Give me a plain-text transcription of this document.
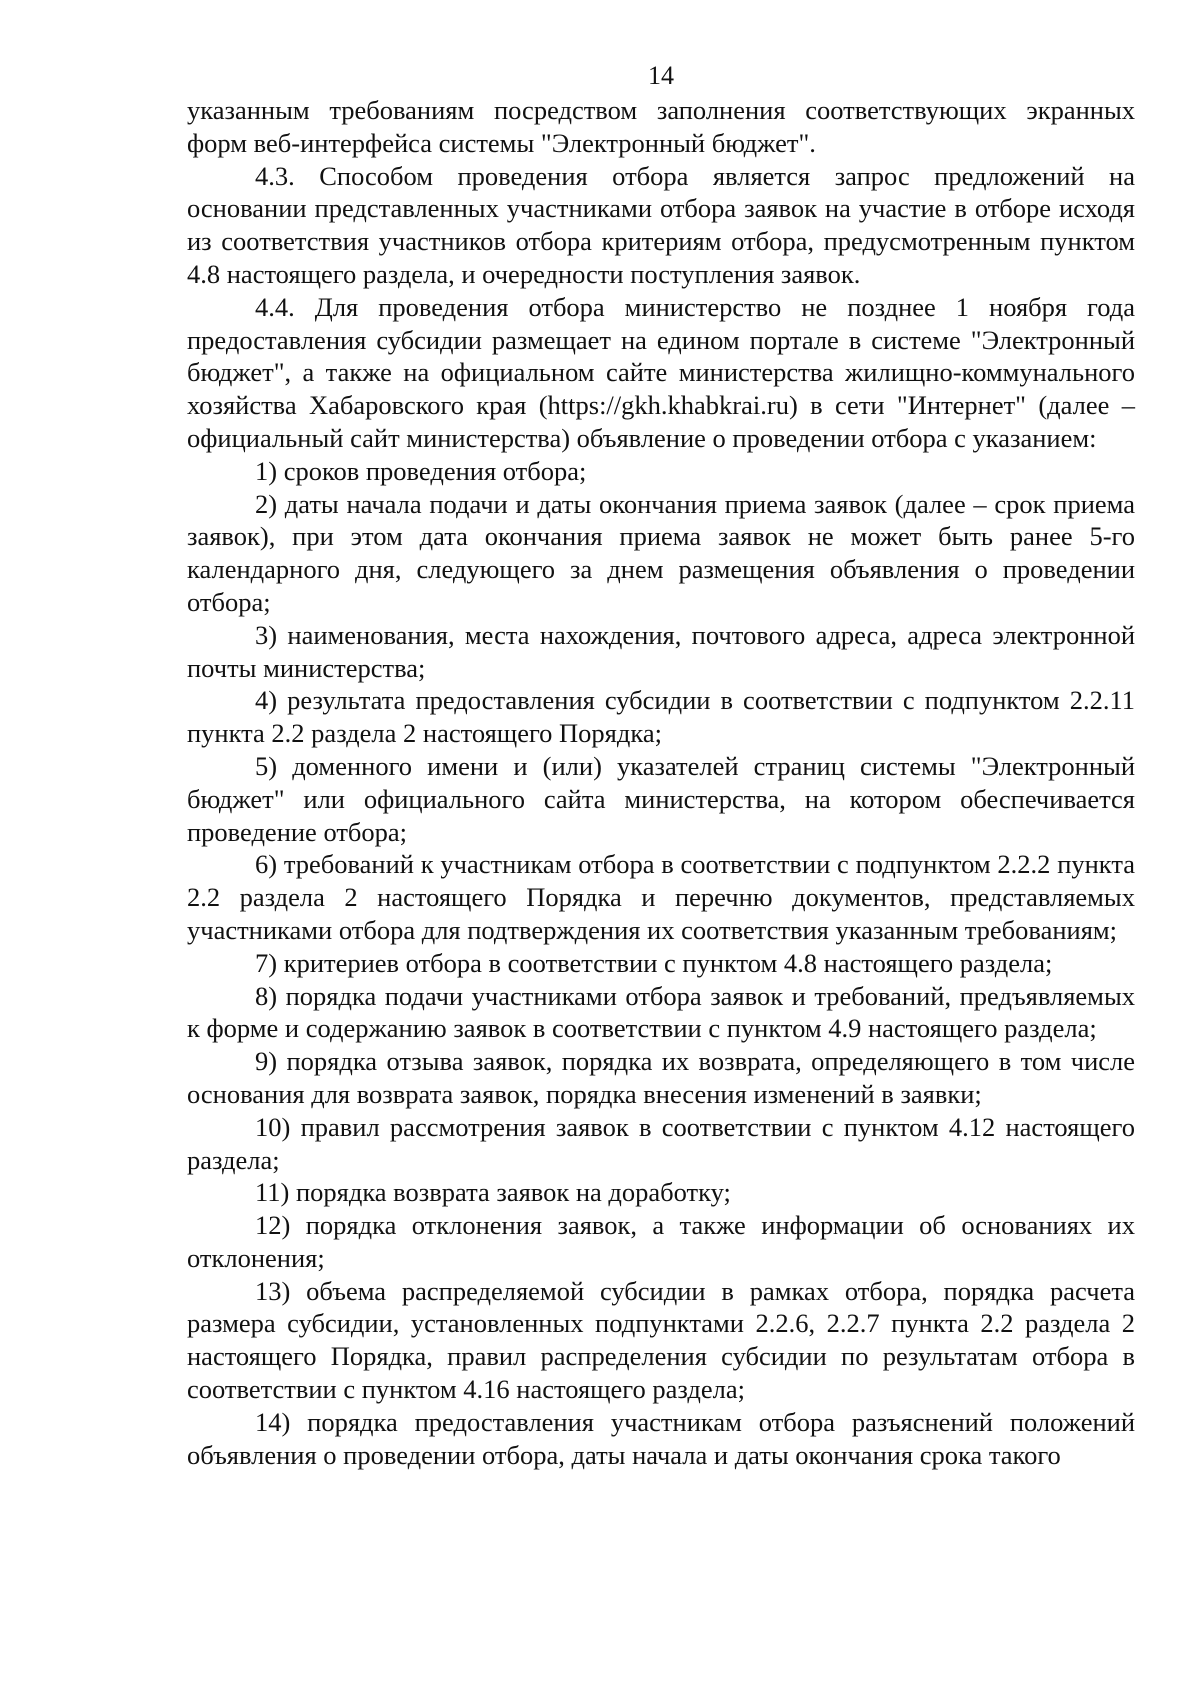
14

указанным требованиям посредством заполнения соответствующих экранных форм веб-интерфейса системы "Электронный бюджет".

4.3. Способом проведения отбора является запрос предложений на основании представленных участниками отбора заявок на участие в отборе исходя из соответствия участников отбора критериям отбора, предусмотренным пунктом 4.8 настоящего раздела, и очередности поступления заявок.

4.4. Для проведения отбора министерство не позднее 1 ноября года предоставления субсидии размещает на едином портале в системе "Электронный бюджет", а также на официальном сайте министерства жилищно-коммунального хозяйства Хабаровского края (https://gkh.khabkrai.ru) в сети "Интернет" (далее – официальный сайт министерства) объявление о проведении отбора с указанием:

1) сроков проведения отбора;

2) даты начала подачи и даты окончания приема заявок (далее – срок приема заявок), при этом дата окончания приема заявок не может быть ранее 5-го календарного дня, следующего за днем размещения объявления о проведении отбора;

3) наименования, места нахождения, почтового адреса, адреса электронной почты министерства;

4) результата предоставления субсидии в соответствии с подпунктом 2.2.11 пункта 2.2 раздела 2 настоящего Порядка;

5) доменного имени и (или) указателей страниц системы "Электронный бюджет" или официального сайта министерства, на котором обеспечивается проведение отбора;

6) требований к участникам отбора в соответствии с подпунктом 2.2.2 пункта 2.2 раздела 2 настоящего Порядка и перечню документов, представляемых участниками отбора для подтверждения их соответствия указанным требованиям;

7) критериев отбора в соответствии с пунктом 4.8 настоящего раздела;

8) порядка подачи участниками отбора заявок и требований, предъявляемых к форме и содержанию заявок в соответствии с пунктом 4.9 настоящего раздела;

9) порядка отзыва заявок, порядка их возврата, определяющего в том числе основания для возврата заявок, порядка внесения изменений в заявки;

10) правил рассмотрения заявок в соответствии с пунктом 4.12 настоящего раздела;

11) порядка возврата заявок на доработку;

12) порядка отклонения заявок, а также информации об основаниях их отклонения;

13) объема распределяемой субсидии в рамках отбора, порядка расчета размера субсидии, установленных подпунктами 2.2.6, 2.2.7 пункта 2.2 раздела 2 настоящего Порядка, правил распределения субсидии по результатам отбора в соответствии с пунктом 4.16 настоящего раздела;

14) порядка предоставления участникам отбора разъяснений положений объявления о проведении отбора, даты начала и даты окончания срока такого
